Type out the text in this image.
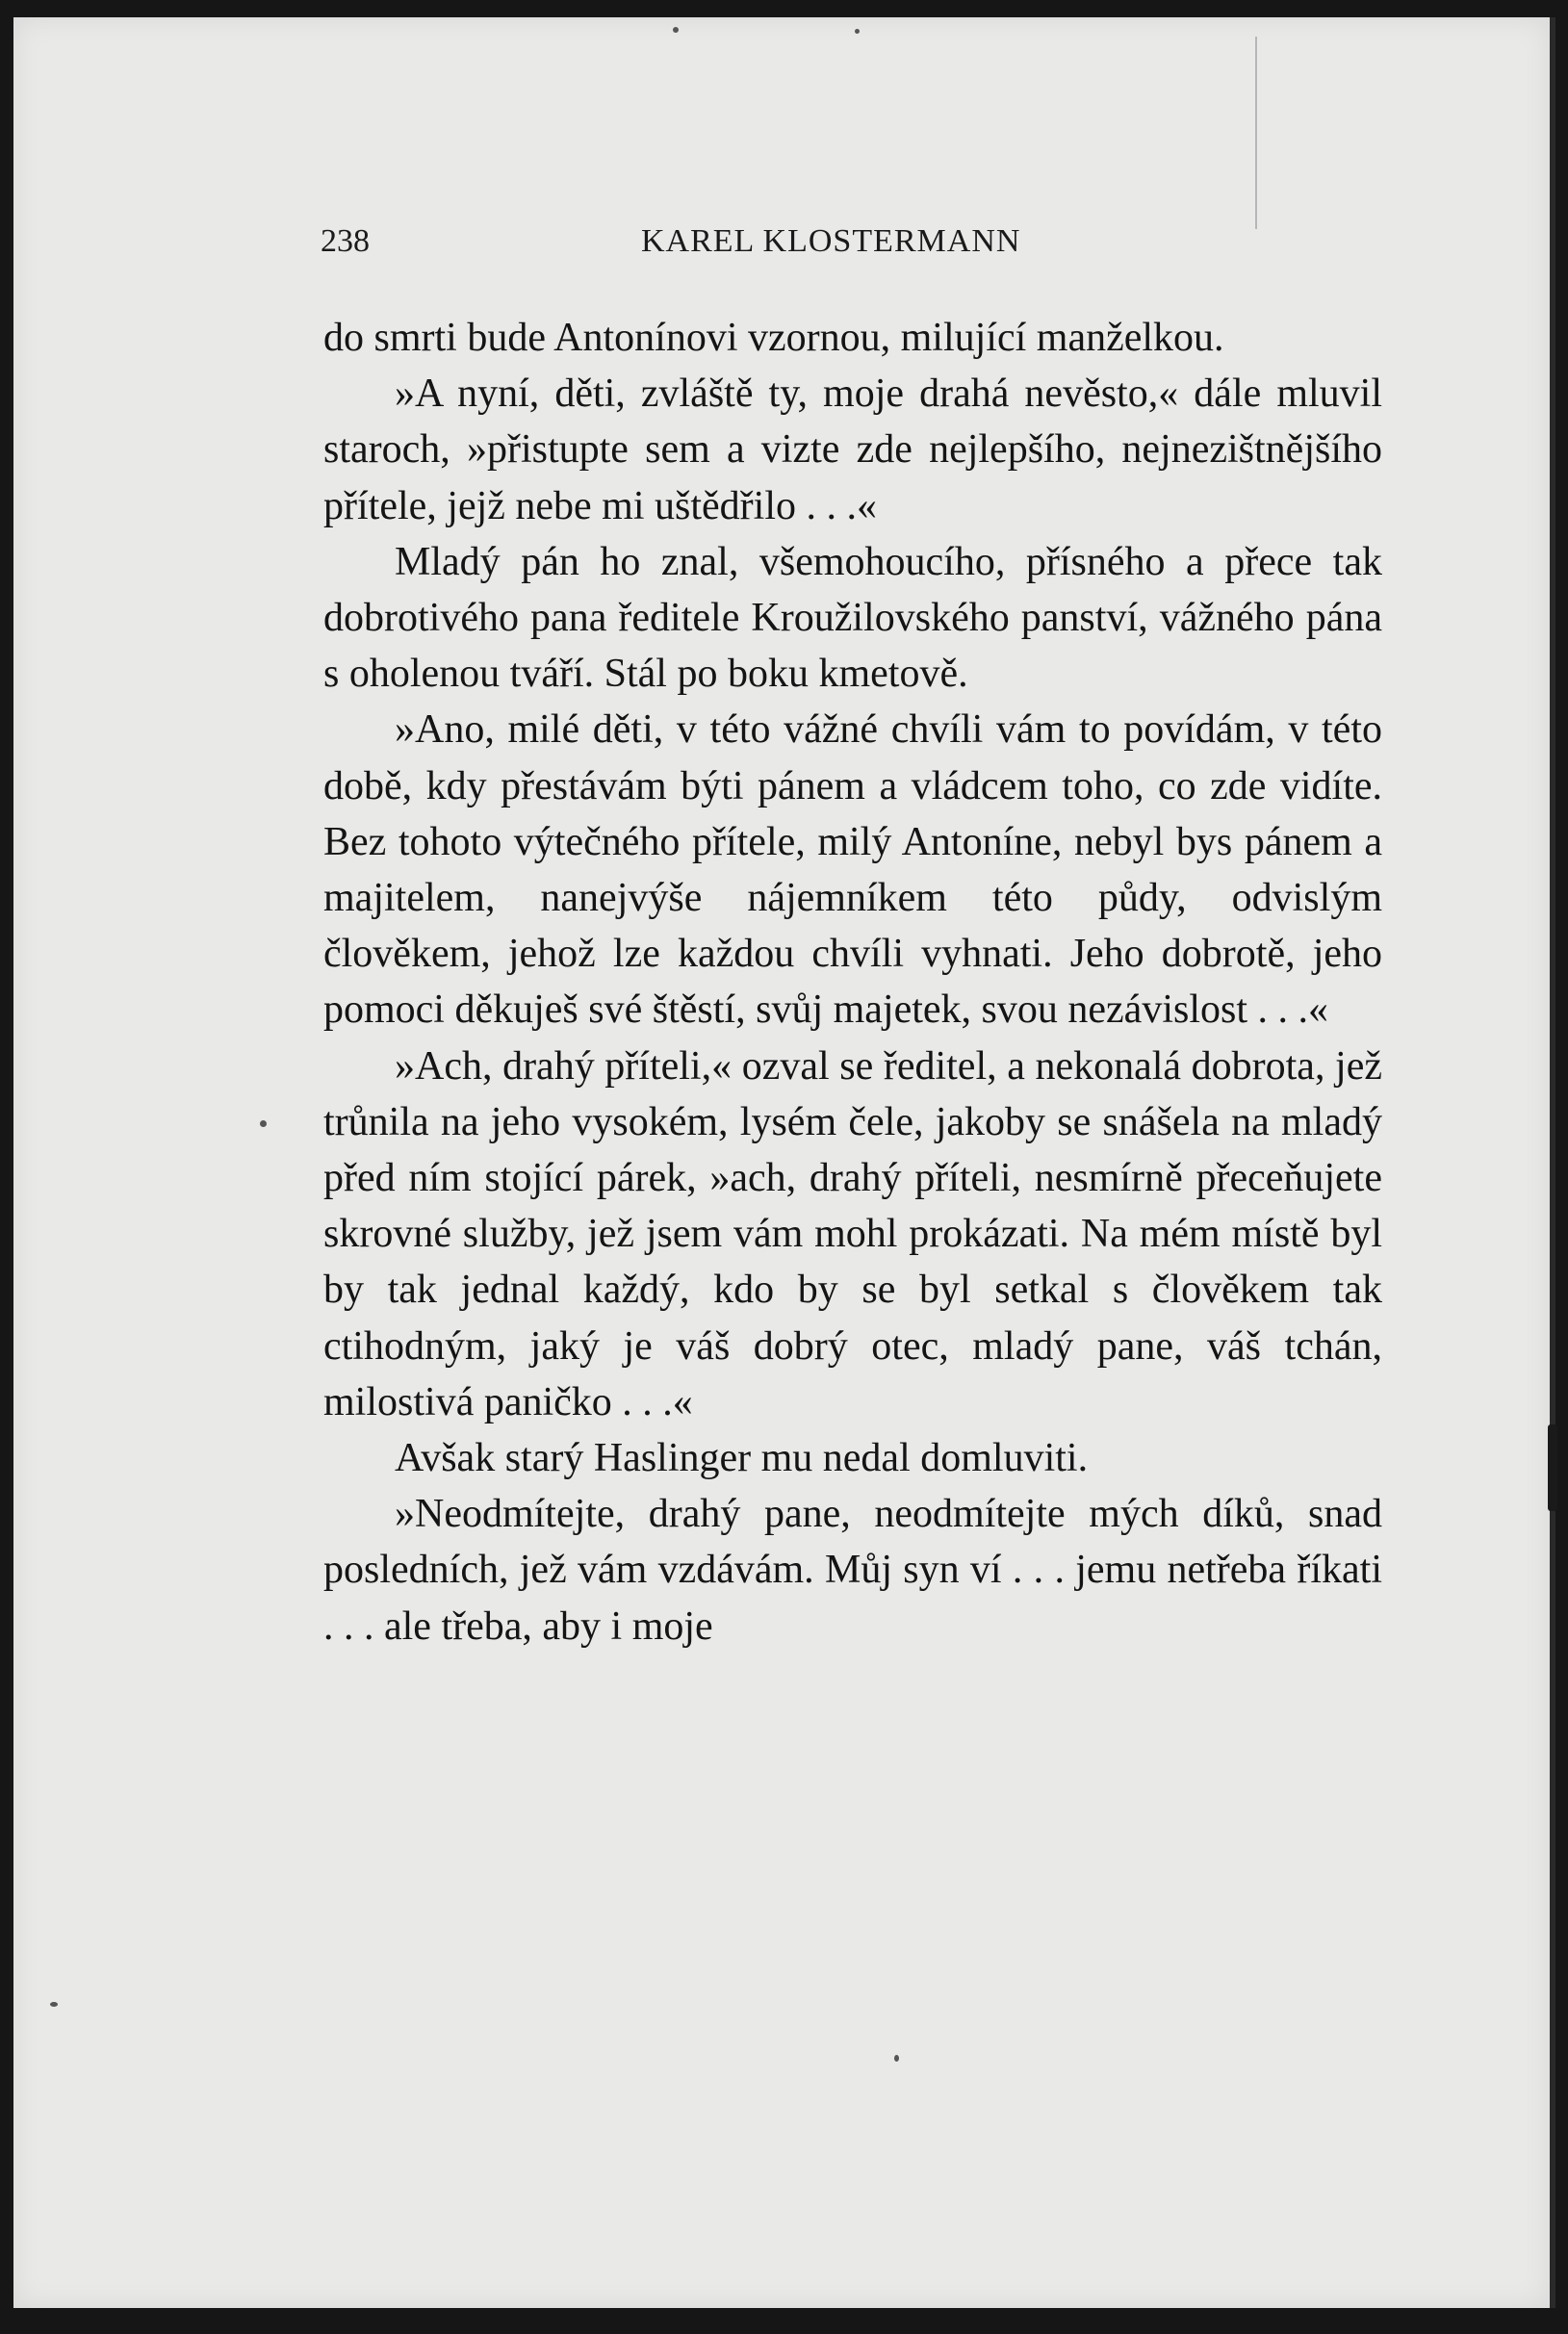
238	KAREL KLOSTERMANN

do smrti bude Antonínovi vzornou, milující manželkou.

»A nyní, děti, zvláště ty, moje drahá nevěsto,« dále mluvil staroch, »přistupte sem a vizte zde nejlepšího, nejnezištnějšího přítele, jejž nebe mi uštědřilo . . .«

Mladý pán ho znal, všemohoucího, přísného a přece tak dobrotivého pana ředitele Kroužilovského panství, vážného pána s oholenou tváří. Stál po boku kmetově.

»Ano, milé děti, v této vážné chvíli vám to povídám, v této době, kdy přestávám býti pánem a vládcem toho, co zde vidíte. Bez tohoto výtečného přítele, milý Antoníne, nebyl bys pánem a majitelem, nanejvýše nájemníkem této půdy, odvislým člověkem, jehož lze každou chvíli vyhnati. Jeho dobrotě, jeho pomoci děkuješ své štěstí, svůj majetek, svou nezávislost . . .«

»Ach, drahý příteli,« ozval se ředitel, a nekonalá dobrota, jež trůnila na jeho vysokém, lysém čele, jakoby se snášela na mladý před ním stojící párek, »ach, drahý příteli, nesmírně přeceňujete skrovné služby, jež jsem vám mohl prokázati. Na mém místě byl by tak jednal každý, kdo by se byl setkal s člověkem tak ctihodným, jaký je váš dobrý otec, mladý pane, váš tchán, milostivá paničko . . .«

Avšak starý Haslinger mu nedal domluviti.

»Neodmítejte, drahý pane, neodmítejte mých díků, snad posledních, jež vám vzdávám. Můj syn ví . . . jemu netřeba říkati . . . ale třeba, aby i moje
